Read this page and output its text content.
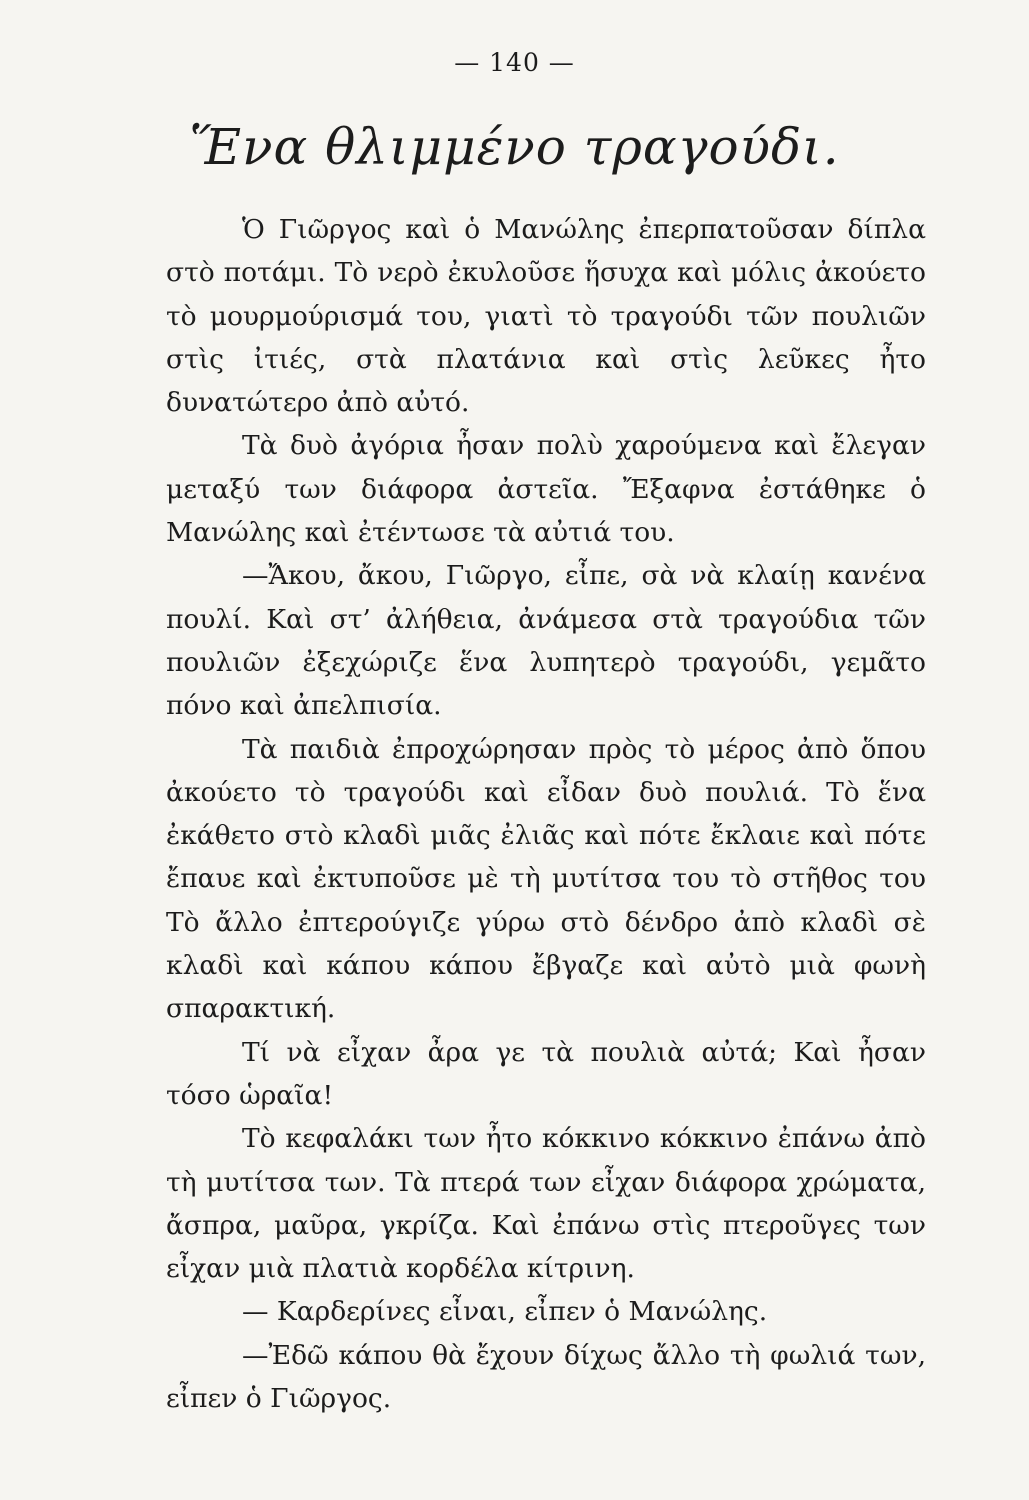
— 140 —
Ἕνα θλιμμένο τραγούδι.

Ὁ Γιῶργος καὶ ὁ Μανώλης ἐπερπατοῦσαν δίπλα στὸ ποτάμι. Τὸ νερὸ ἐκυλοῦσε ἥσυχα καὶ μόλις ἀκούετο τὸ μουρμούρισμά του, γιατὶ τὸ τραγούδι τῶν πουλιῶν στὶς ἰτιές, στὰ πλατάνια καὶ στὶς λεῦκες ἦτο δυνατώτερο ἀπὸ αὐτό.

Τὰ δυὸ ἀγόρια ἦσαν πολὺ χαρούμενα καὶ ἔλεγαν μεταξύ των διάφορα ἀστεῖα. Ἔξαφνα ἐστάθηκε ὁ Μανώλης καὶ ἐτέντωσε τὰ αὐτιά του.

—Ἄκου, ἄκου, Γιῶργο, εἶπε, σὰ νὰ κλαίῃ κανένα πουλί. Καὶ στ’ ἀλήθεια, ἀνάμεσα στὰ τραγούδια τῶν πουλιῶν ἐξεχώριζε ἕνα λυπητερὸ τραγούδι, γεμᾶτο πόνο καὶ ἀπελπισία.

Τὰ παιδιὰ ἐπροχώρησαν πρὸς τὸ μέρος ἀπὸ ὅπου ἀκούετο τὸ τραγούδι καὶ εἶδαν δυὸ πουλιά. Τὸ ἕνα ἐκάθετο στὸ κλαδὶ μιᾶς ἐλιᾶς καὶ πότε ἔκλαιε καὶ πότε ἔπαυε καὶ ἐκτυποῦσε μὲ τὴ μυτίτσα του τὸ στῆθος του Τὸ ἄλλο ἐπτερούγιζε γύρω στὸ δένδρο ἀπὸ κλαδὶ σὲ κλαδὶ καὶ κάπου κάπου ἔβγαζε καὶ αὐτὸ μιὰ φωνὴ σπαρακτική.

Τί νὰ εἶχαν ἆρα γε τὰ πουλιὰ αὐτά; Καὶ ἦσαν τόσο ὡραῖα!

Τὸ κεφαλάκι των ἦτο κόκκινο κόκκινο ἐπάνω ἀπὸ τὴ μυτίτσα των. Τὰ πτερά των εἶχαν διάφορα χρώματα, ἄσπρα, μαῦρα, γκρίζα. Καὶ ἐπάνω στὶς πτεροῦγες των εἶχαν μιὰ πλατιὰ κορδέλα κίτρινη.

— Καρδερίνες εἶναι, εἶπεν ὁ Μανώλης.

—Ἐδῶ κάπου θὰ ἔχουν δίχως ἄλλο τὴ φωλιά των, εἶπεν ὁ Γιῶργος.
